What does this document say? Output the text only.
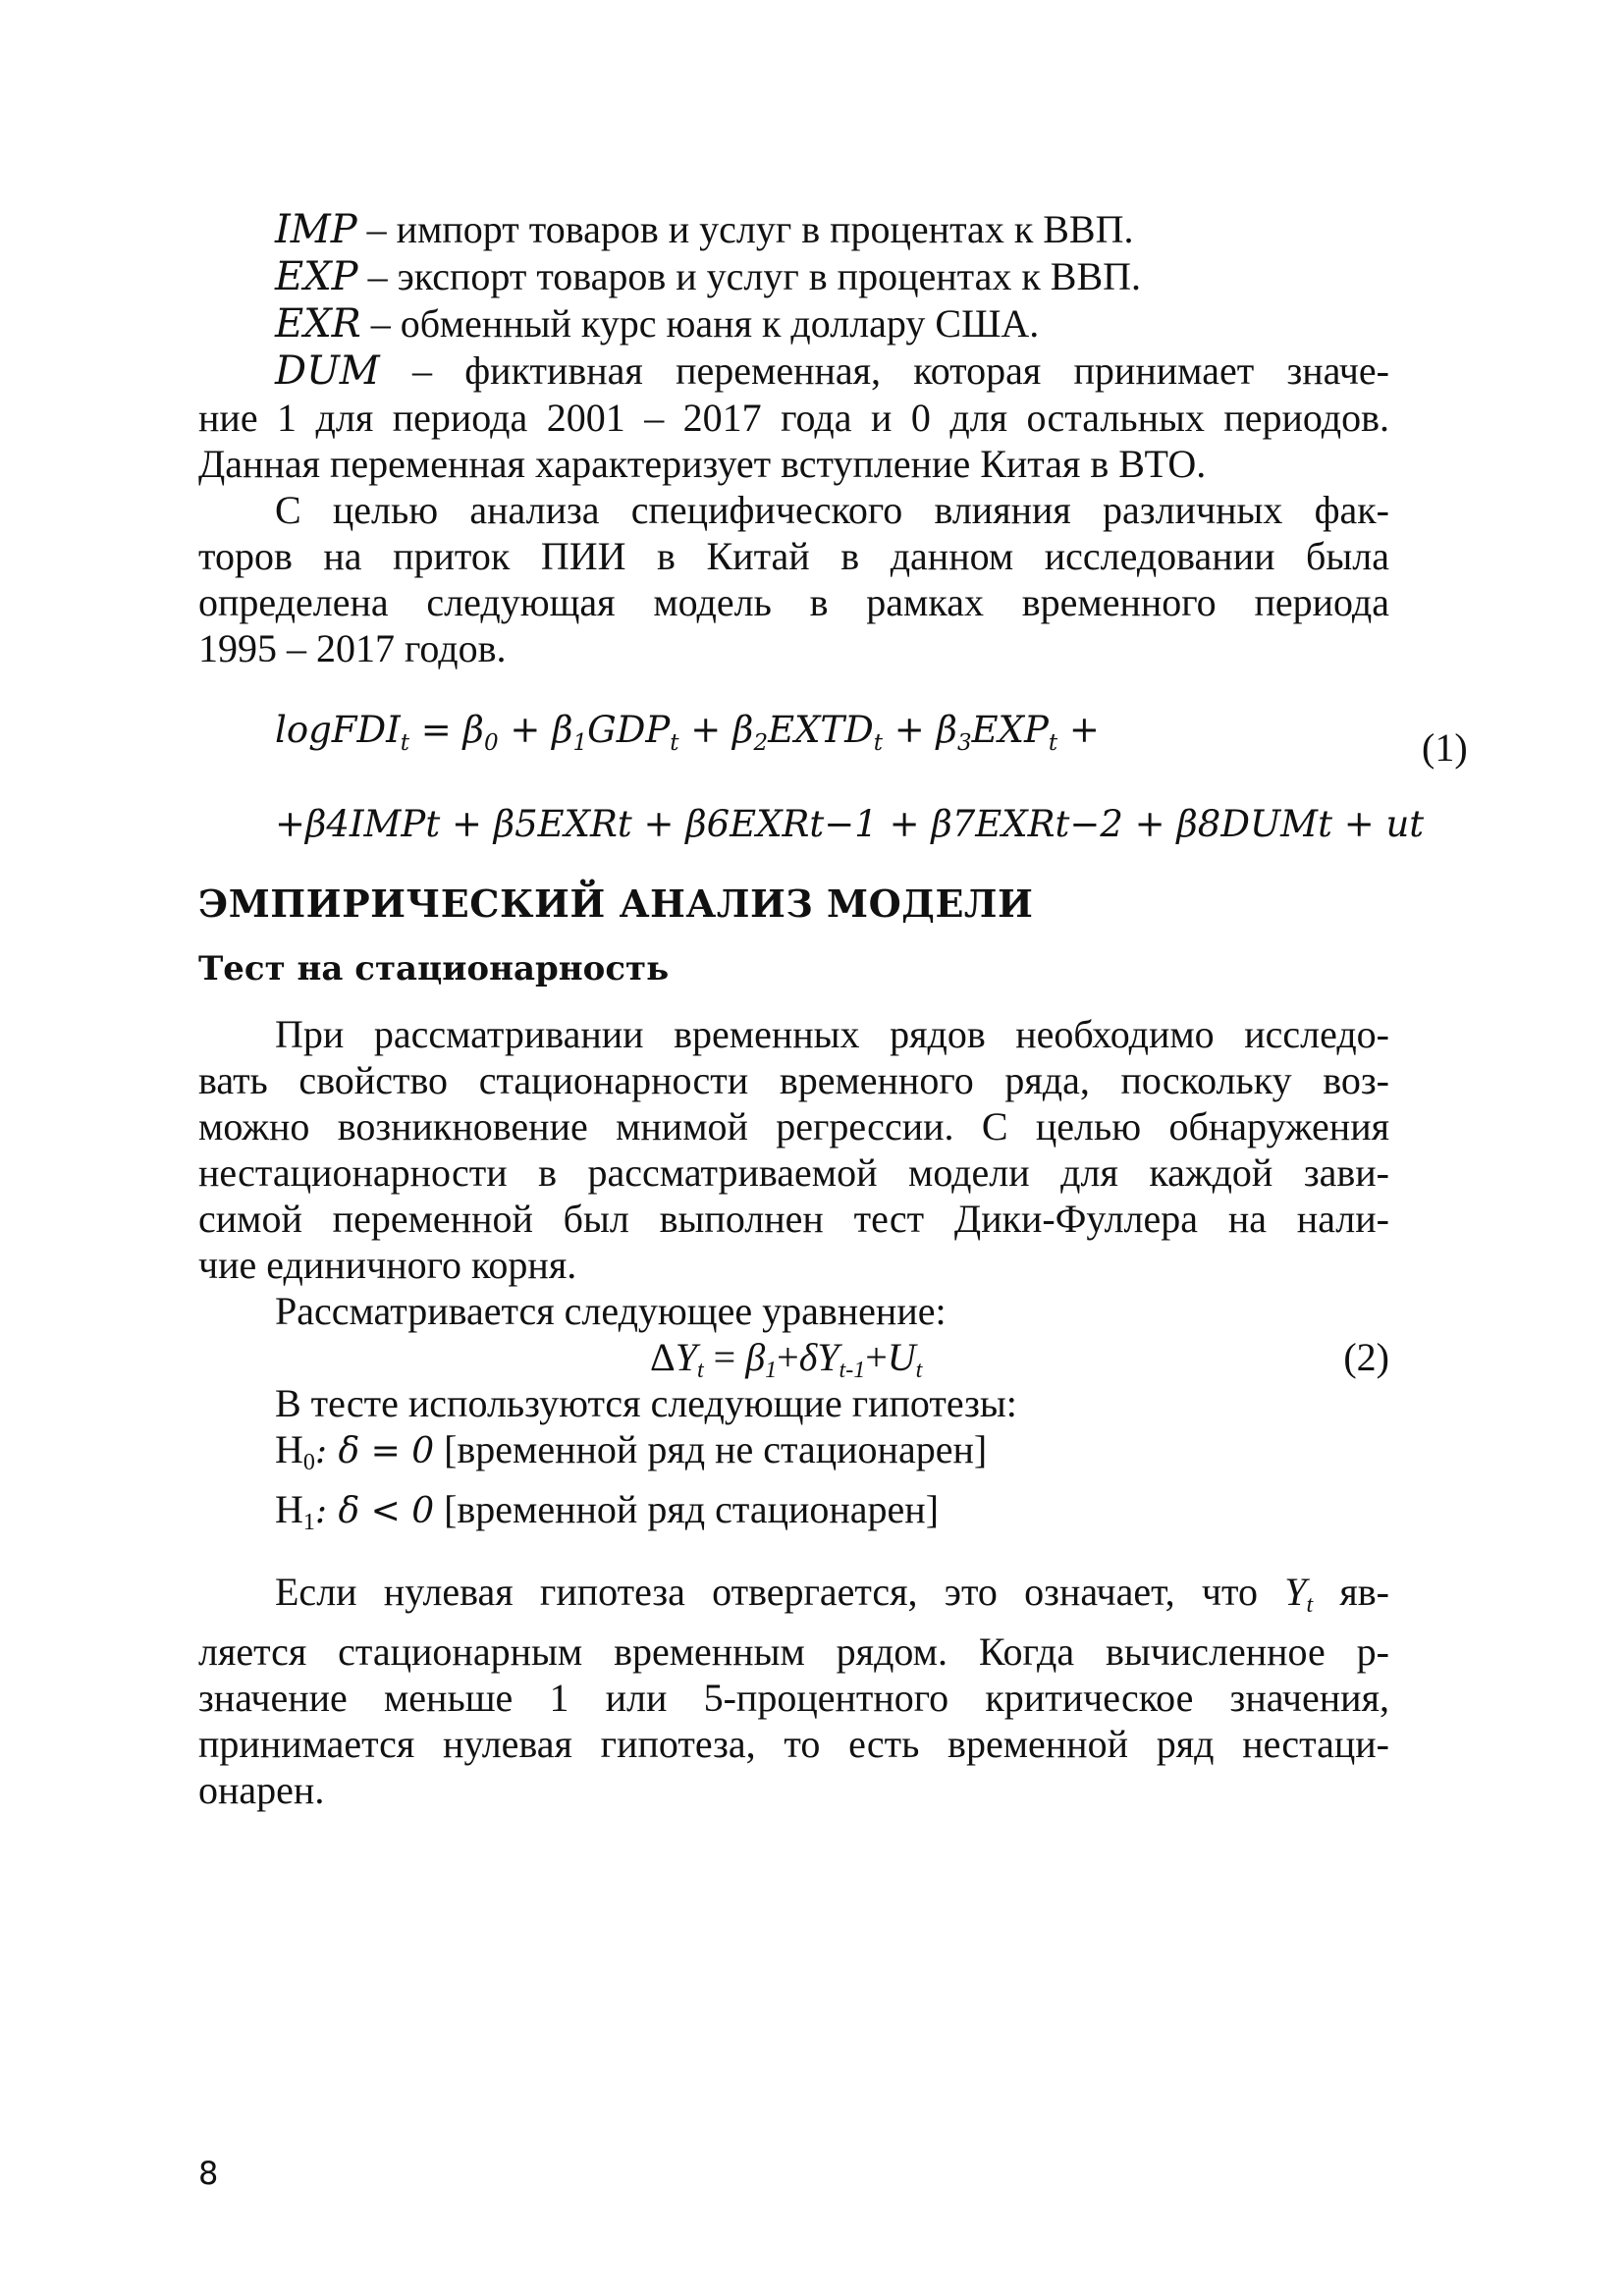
IMP – импорт товаров и услуг в процентах к ВВП.
EXP – экспорт товаров и услуг в процентах к ВВП.
EXR – обменный курс юаня к доллару США.
DUM – фиктивная переменная, которая принимает значе-
ние 1 для периода 2001 – 2017 года и 0 для остальных периодов.
Данная переменная характеризует вступление Китая в ВТО.
С целью анализа специфического влияния различных фак-
торов на приток ПИИ в Китай в данном исследовании была
определена следующая модель в рамках временного периода
1995 – 2017 годов.
logFDI$_t$ = $\beta_0 + \beta_1GDP_t$ + $\beta_2EXTD_t + \beta_3EXP_t$ +	(1)
+β4IMPt + β5EXRt + β6EXRt−1 + β7EXRt−2 + β8DUMt + ut
ЭМПИРИЧЕСКИЙ АНАЛИЗ МОДЕЛИ
Тест на стационарность
При рассматривании временных рядов необходимо исследо-
вать свойство стационарности временного ряда, поскольку воз-
можно возникновение мнимой регрессии. С целью обнаружения
нестационарности в рассматриваемой модели для каждой зави-
симой переменной был выполнен тест Дики-Фуллера на нали-
чие единичного корня.
Рассматривается следующее уравнение:
ΔYt = β1+δYt-1+Ut	(2)
В тесте используются следующие гипотезы:
H0: δ = 0 [временной ряд не стационарен]
H1: δ < 0 [временной ряд стационарен]
Если нулевая гипотеза отвергается, это означает, что Yt яв-
ляется стационарным временным рядом. Когда вычисленное р-
значение меньше 1 или 5-процентного критическое значения,
принимается нулевая гипотеза, то есть временной ряд нестаци-
онарен.
8
